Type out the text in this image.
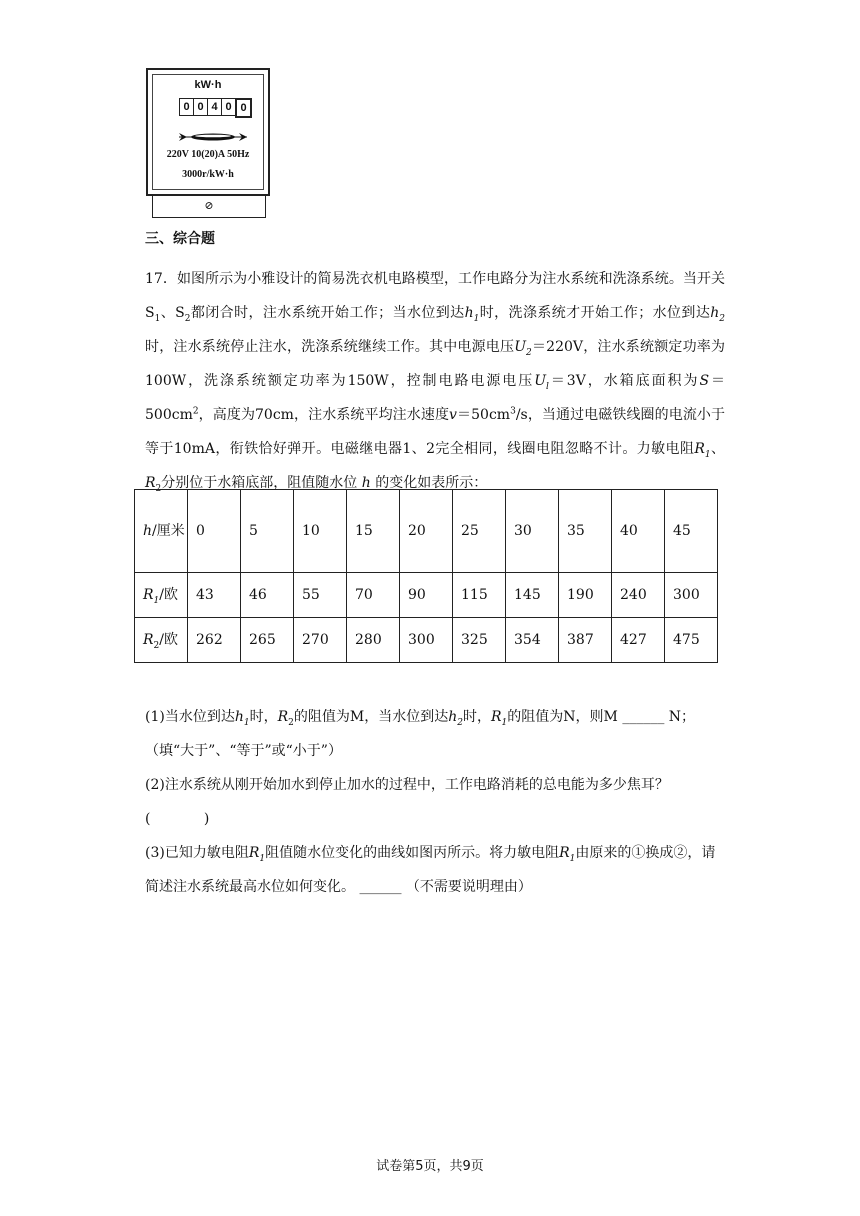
kW·h
0 0 4 0 0
220V 10(20)A 50Hz
3000r/kW·h
⊘
三、综合题

17．如图所示为小雅设计的简易洗衣机电路模型，工作电路分为注水系统和洗涤系统。当开关$S_1$、$S_2$都闭合时，注水系统开始工作；当水位到达$h_1$时，洗涤系统才开始工作；水位到达$h_2$时，注水系统停止注水，洗涤系统继续工作。其中电源电压$U_2=220V$，注水系统额定功率为100W，洗涤系统额定功率为150W，控制电路电源电压$U_l=3V$，水箱底面积为$S=500cm^2$，高度为70cm，注水系统平均注水速度$v=50cm^3/s$，当通过电磁铁线圈的电流小于等于10mA，衔铁恰好弹开。电磁继电器1、2完全相同，线圈电阻忽略不计。力敏电阻$R_1$、$R_2$分别位于水箱底部，阻值随水位 h 的变化如表所示：

h/厘米	0	5	10	15	20	25	30	35	40	45
$R_1/$欧	43	46	55	70	90	115	145	190	240	300
$R_2/$欧	262	265	270	280	300	325	354	387	427	475

(1)当水位到达$h_1$时，$R_2$的阻值为M，当水位到达$h_2$时，$R_1$的阻值为N，则M ______ N；（填“大于”、“等于”或“小于”）

(2)注水系统从刚开始加水到停止加水的过程中，工作电路消耗的总电能为多少焦耳？

(            )

(3)已知力敏电阻$R_1$阻值随水位变化的曲线如图丙所示。将力敏电阻$R_1$由原来的①换成②，请简述注水系统最高水位如何变化。 ______ （不需要说明理由）

试卷第5页，共9页
